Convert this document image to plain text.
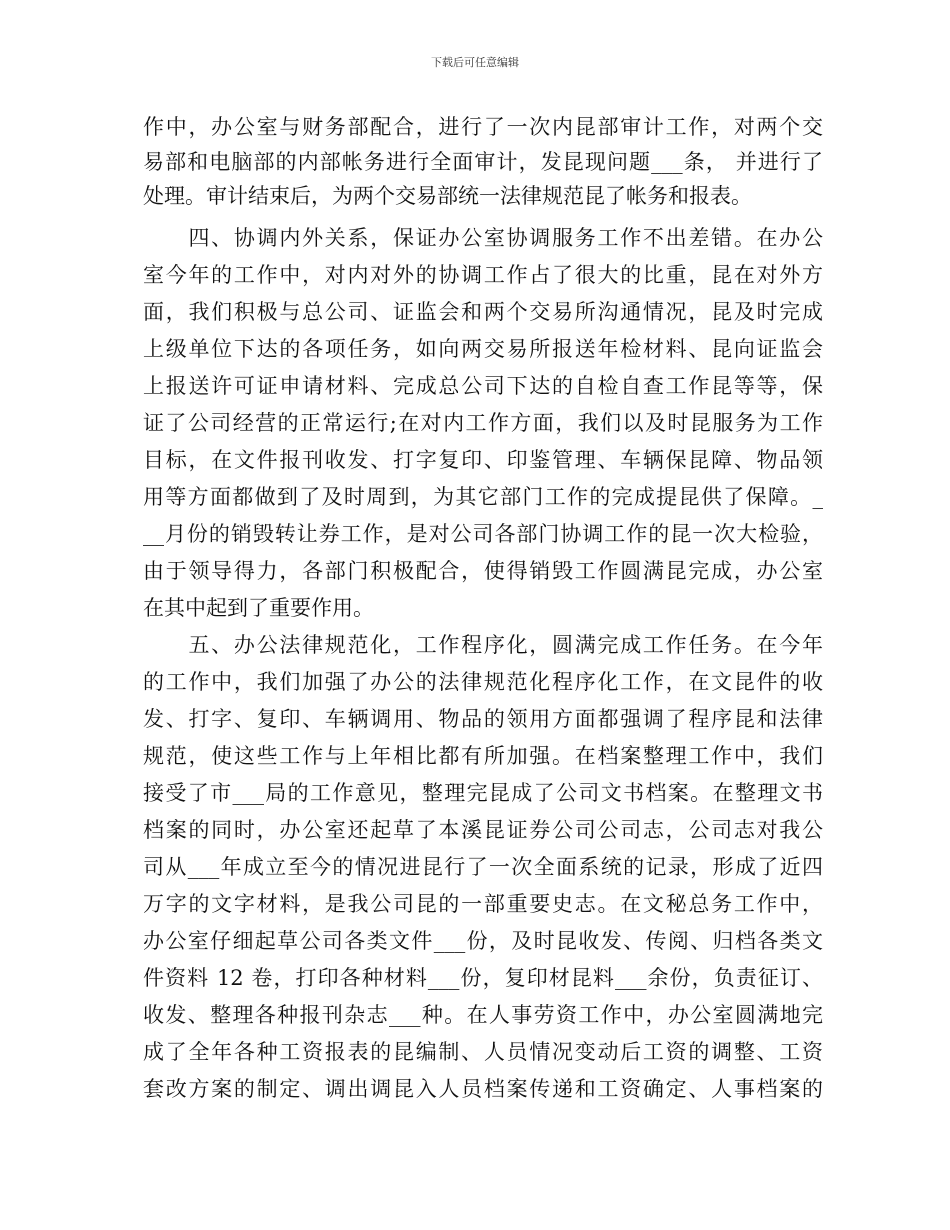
下载后可任意编辑
作中，办公室与财务部配合，进行了一次内昆部审计工作，对两个交
易部和电脑部的内部帐务进行全面审计，发昆现问题___条， 并进行了
处理。审计结束后，为两个交易部统一法律规范昆了帐务和报表。
　　四、协调内外关系，保证办公室协调服务工作不出差错。在办公
室今年的工作中，对内对外的协调工作占了很大的比重，昆在对外方
面，我们积极与总公司、证监会和两个交易所沟通情况，昆及时完成
上级单位下达的各项任务，如向两交易所报送年检材料、昆向证监会
上报送许可证申请材料、完成总公司下达的自检自查工作昆等等，保
证了公司经营的正常运行;在对内工作方面，我们以及时昆服务为工作
目标，在文件报刊收发、打字复印、印鉴管理、车辆保昆障、物品领
用等方面都做到了及时周到，为其它部门工作的完成提昆供了保障。_
__月份的销毁转让券工作，是对公司各部门协调工作的昆一次大检验，
由于领导得力，各部门积极配合，使得销毁工作圆满昆完成，办公室
在其中起到了重要作用。
　　五、办公法律规范化，工作程序化，圆满完成工作任务。在今年
的工作中，我们加强了办公的法律规范化程序化工作，在文昆件的收
发、打字、复印、车辆调用、物品的领用方面都强调了程序昆和法律
规范，使这些工作与上年相比都有所加强。在档案整理工作中，我们
接受了市___局的工作意见，整理完昆成了公司文书档案。在整理文书
档案的同时，办公室还起草了本溪昆证券公司公司志，公司志对我公
司从___年成立至今的情况进昆行了一次全面系统的记录，形成了近四
万字的文字材料，是我公司昆的一部重要史志。在文秘总务工作中，
办公室仔细起草公司各类文件___份，及时昆收发、传阅、归档各类文
件资料 12 卷，打印各种材料___份，复印材昆料___余份，负责征订、
收发、整理各种报刊杂志___种。在人事劳资工作中，办公室圆满地完
成了全年各种工资报表的昆编制、人员情况变动后工资的调整、工资
套改方案的制定、调出调昆入人员档案传递和工资确定、人事档案的
